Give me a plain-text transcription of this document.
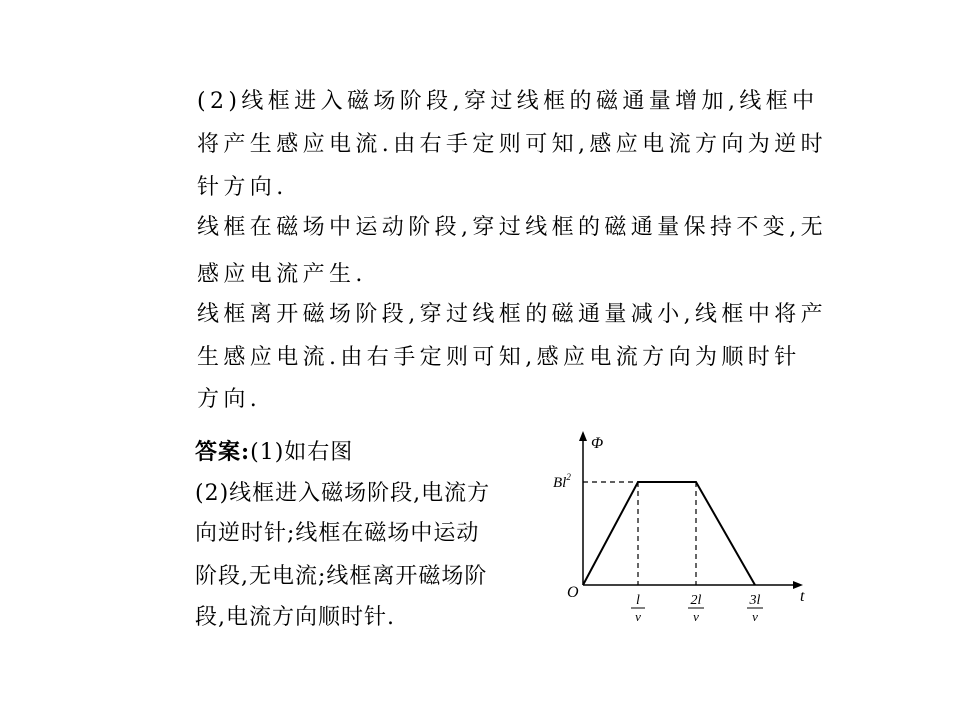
(2)线框进入磁场阶段,穿过线框的磁通量增加,线框中
将产生感应电流.由右手定则可知,感应电流方向为逆时
针方向.
线框在磁场中运动阶段,穿过线框的磁通量保持不变,无
感应电流产生.
线框离开磁场阶段,穿过线框的磁通量减小,线框中将产
生感应电流.由右手定则可知,感应电流方向为顺时针
方向.
答案:(1)如右图
(2)线框进入磁场阶段,电流方
向逆时针;线框在磁场中运动
阶段,无电流;线框离开磁场阶
段,电流方向顺时针.
Φ
Bl$^2$
O	t
l
v
2l
v
3l
v
